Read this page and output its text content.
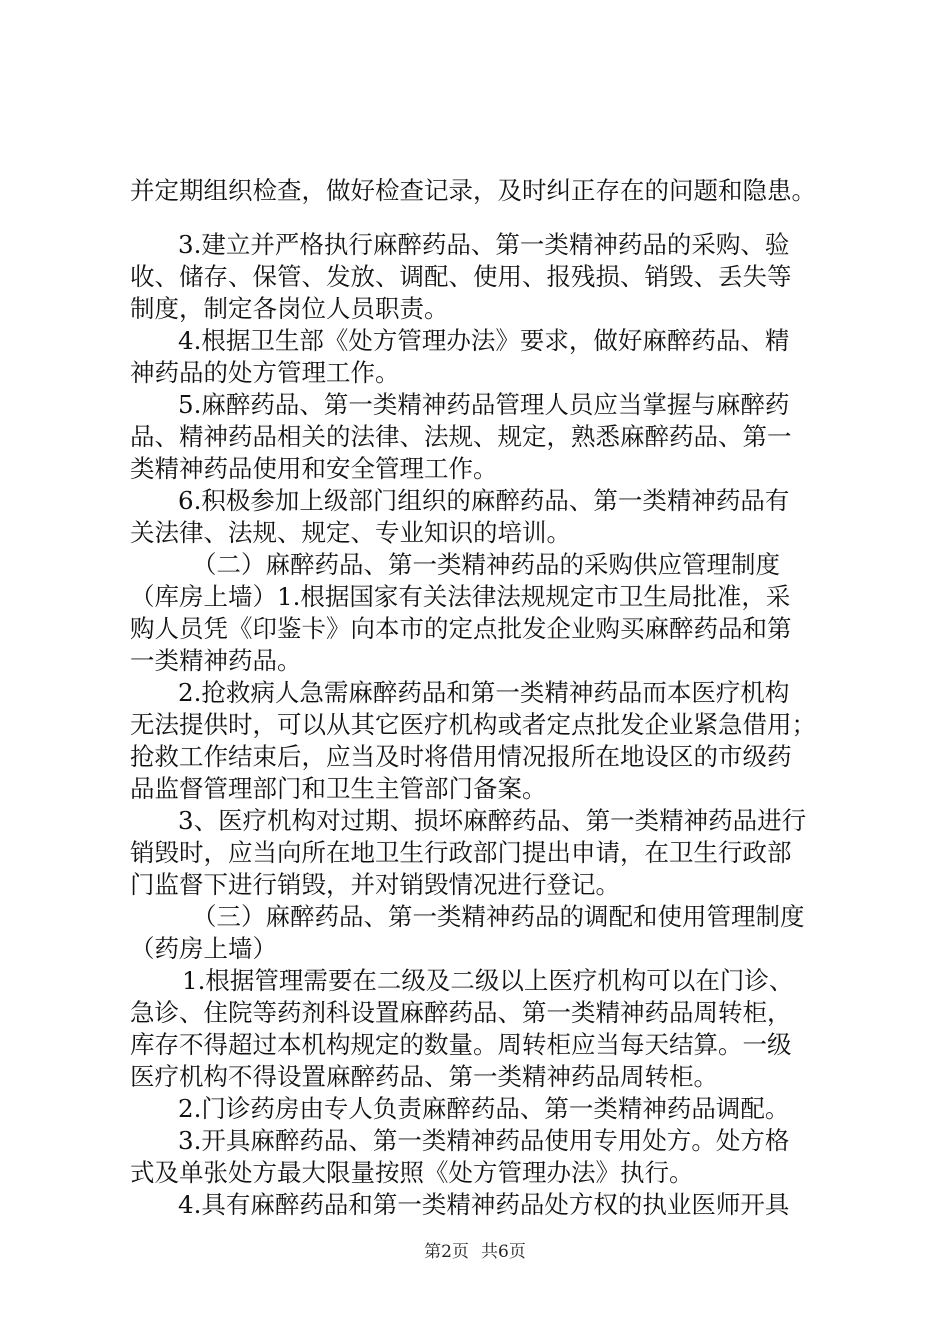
并定期组织检查，做好检查记录，及时纠正存在的问题和隐患。
3.建立并严格执行麻醉药品、第一类精神药品的采购、验
收、储存、保管、发放、调配、使用、报残损、销毁、丢失等
制度，制定各岗位人员职责。
4.根据卫生部《处方管理办法》要求，做好麻醉药品、精
神药品的处方管理工作。
5.麻醉药品、第一类精神药品管理人员应当掌握与麻醉药
品、精神药品相关的法律、法规、规定，熟悉麻醉药品、第一
类精神药品使用和安全管理工作。
6.积极参加上级部门组织的麻醉药品、第一类精神药品有
关法律、法规、规定、专业知识的培训。
（二）麻醉药品、第一类精神药品的采购供应管理制度
（库房上墙）1.根据国家有关法律法规规定市卫生局批准，采
购人员凭《印鉴卡》向本市的定点批发企业购买麻醉药品和第
一类精神药品。
2.抢救病人急需麻醉药品和第一类精神药品而本医疗机构
无法提供时，可以从其它医疗机构或者定点批发企业紧急借用；
抢救工作结束后，应当及时将借用情况报所在地设区的市级药
品监督管理部门和卫生主管部门备案。
3、医疗机构对过期、损坏麻醉药品、第一类精神药品进行
销毁时，应当向所在地卫生行政部门提出申请，在卫生行政部
门监督下进行销毁，并对销毁情况进行登记。
（三）麻醉药品、第一类精神药品的调配和使用管理制度
（药房上墙）
1.根据管理需要在二级及二级以上医疗机构可以在门诊、
急诊、住院等药剂科设置麻醉药品、第一类精神药品周转柜，
库存不得超过本机构规定的数量。周转柜应当每天结算。一级
医疗机构不得设置麻醉药品、第一类精神药品周转柜。
2.门诊药房由专人负责麻醉药品、第一类精神药品调配。
3.开具麻醉药品、第一类精神药品使用专用处方。处方格
式及单张处方最大限量按照《处方管理办法》执行。
4.具有麻醉药品和第一类精神药品处方权的执业医师开具
第2页 共6页
